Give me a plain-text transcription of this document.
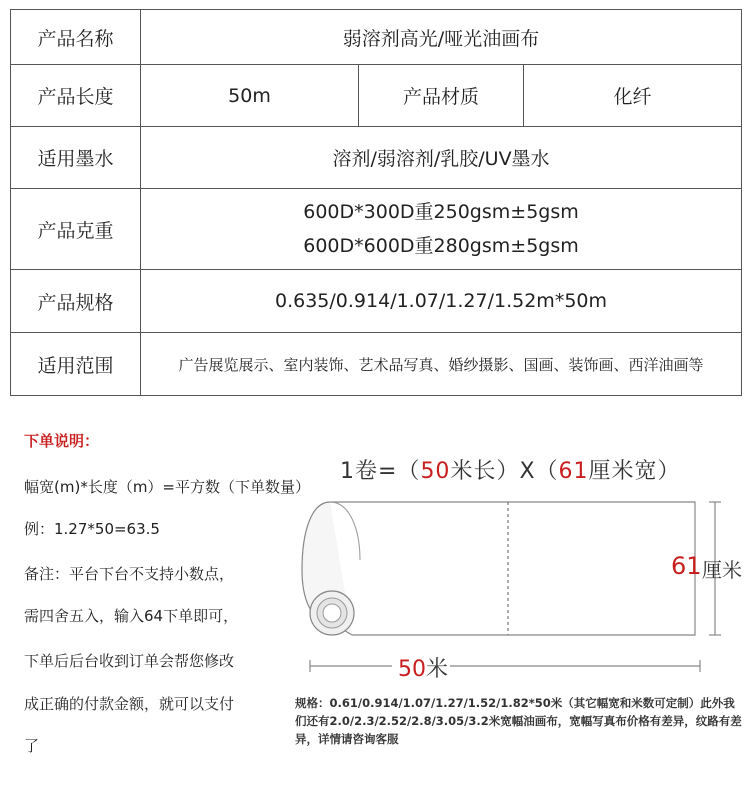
产品名称	弱溶剂高光/哑光油画布		
产品长度	50m	产品材质	化纤
适用墨水	溶剂/弱溶剂/乳胶/UV墨水		
产品克重	600D*300D重250gsm±5gsm
600D*600D重280gsm±5gsm		

产品规格	0.635/0.914/1.07/1.27/1.52m*50m		
适用范围	广告展览展示、室内装饰、艺术品写真、婚纱摄影、国画、装饰画、西洋油画等		
下单说明：
幅宽(m)*长度（m）=平方数（下单数量）
例：1.27*50=63.5
备注：平台下台不支持小数点，
需四舍五入，输入64下单即可，
下单后后台收到订单会帮您修改
成正确的付款金额，就可以支付
了
1卷=（50米长）X（61厘米宽）
61 厘米
50米
规格：0.61/0.914/1.07/1.27/1.52/1.82*50米（其它幅宽和米数可定制）此外我们还有2.0/2.3/2.52/2.8/3.05/3.2米宽幅油画布，宽幅写真布价格有差异，纹路有差异，详情请咨询客服
